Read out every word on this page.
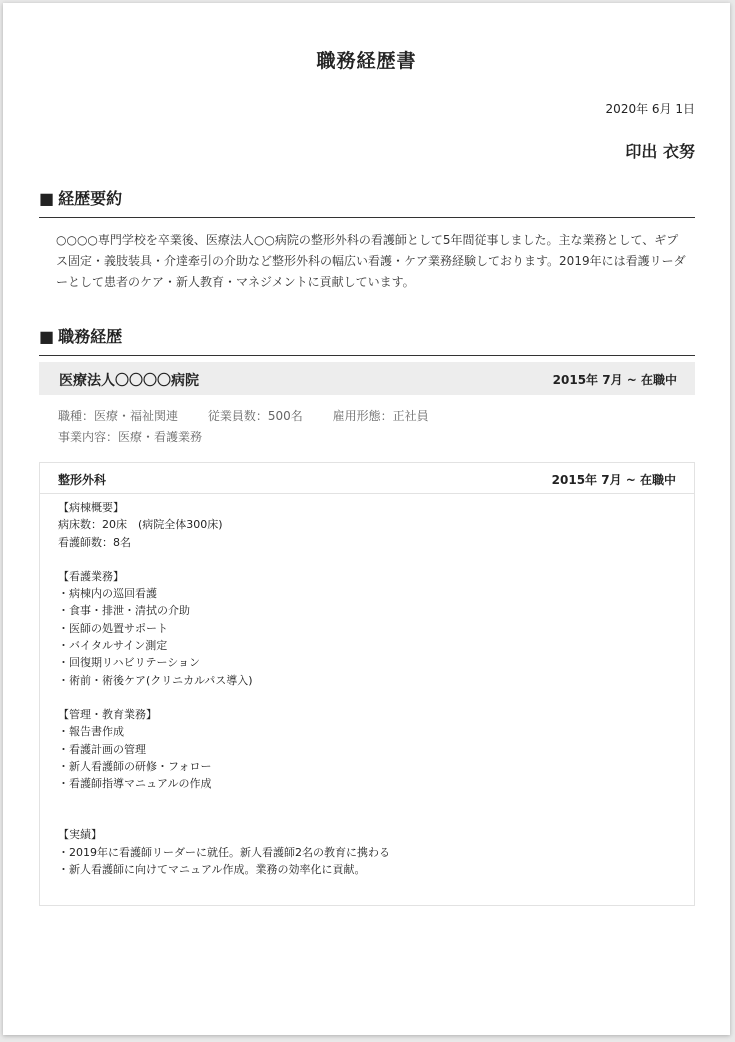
職務経歴書
2020年 6月 1日
印出 衣努
■ 経歴要約
○○○○専門学校を卒業後、医療法人○○病院の整形外科の看護師として5年間従事しました。主な業務として、ギプス固定・義肢装具・介達牽引の介助など整形外科の幅広い看護・ケア業務経験しております。2019年には看護リーダーとして患者のケア・新人教育・マネジメントに貢献しています。
■ 職務経歴
医療法人〇〇〇〇病院	2015年 7月 ~ 在職中
職種：医療・福祉関連 従業員数：500名 雇用形態：正社員
事業内容：医療・看護業務
整形外科	2015年 7月 ~ 在職中
【病棟概要】
病床数：20床　(病院全体300床)
看護師数：8名
【看護業務】
・病棟内の巡回看護
・食事・排泄・清拭の介助
・医師の処置サポート
・バイタルサイン測定
・回復期リハビリテーション
・術前・術後ケア(クリニカルパス導入)
【管理・教育業務】
・報告書作成
・看護計画の管理
・新人看護師の研修・フォロー
・看護師指導マニュアルの作成
【実績】
・2019年に看護師リーダーに就任。新人看護師2名の教育に携わる
・新人看護師に向けてマニュアル作成。業務の効率化に貢献。
